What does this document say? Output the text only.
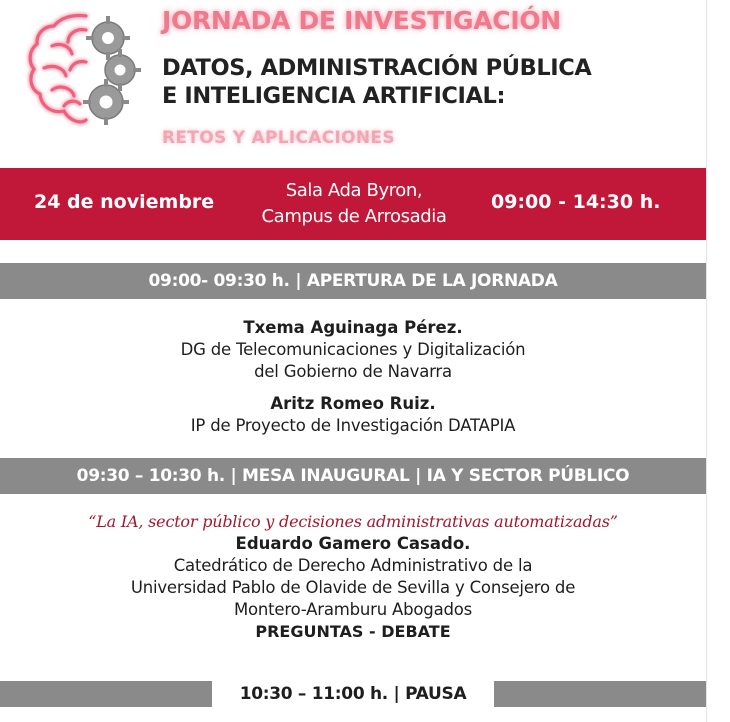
JORNADA DE INVESTIGACIÓN
DATOS, ADMINISTRACIÓN PÚBLICA
E INTELIGENCIA ARTIFICIAL:
RETOS Y APLICACIONES
24 de noviembre
Sala Ada Byron,
Campus de Arrosadia
09:00 - 14:30 h.
09:00- 09:30 h. | APERTURA DE LA JORNADA
Txema Aguinaga Pérez.
DG de Telecomunicaciones y Digitalización
del Gobierno de Navarra
Aritz Romeo Ruiz.
IP de Proyecto de Investigación DATAPIA
09:30 – 10:30 h. | MESA INAUGURAL | IA Y SECTOR PÚBLICO
“La IA, sector público y decisiones administrativas automatizadas”
Eduardo Gamero Casado.
Catedrático de Derecho Administrativo de la
Universidad Pablo de Olavide de Sevilla y Consejero de
Montero-Aramburu Abogados
PREGUNTAS - DEBATE
10:30 – 11:00 h. | PAUSA
